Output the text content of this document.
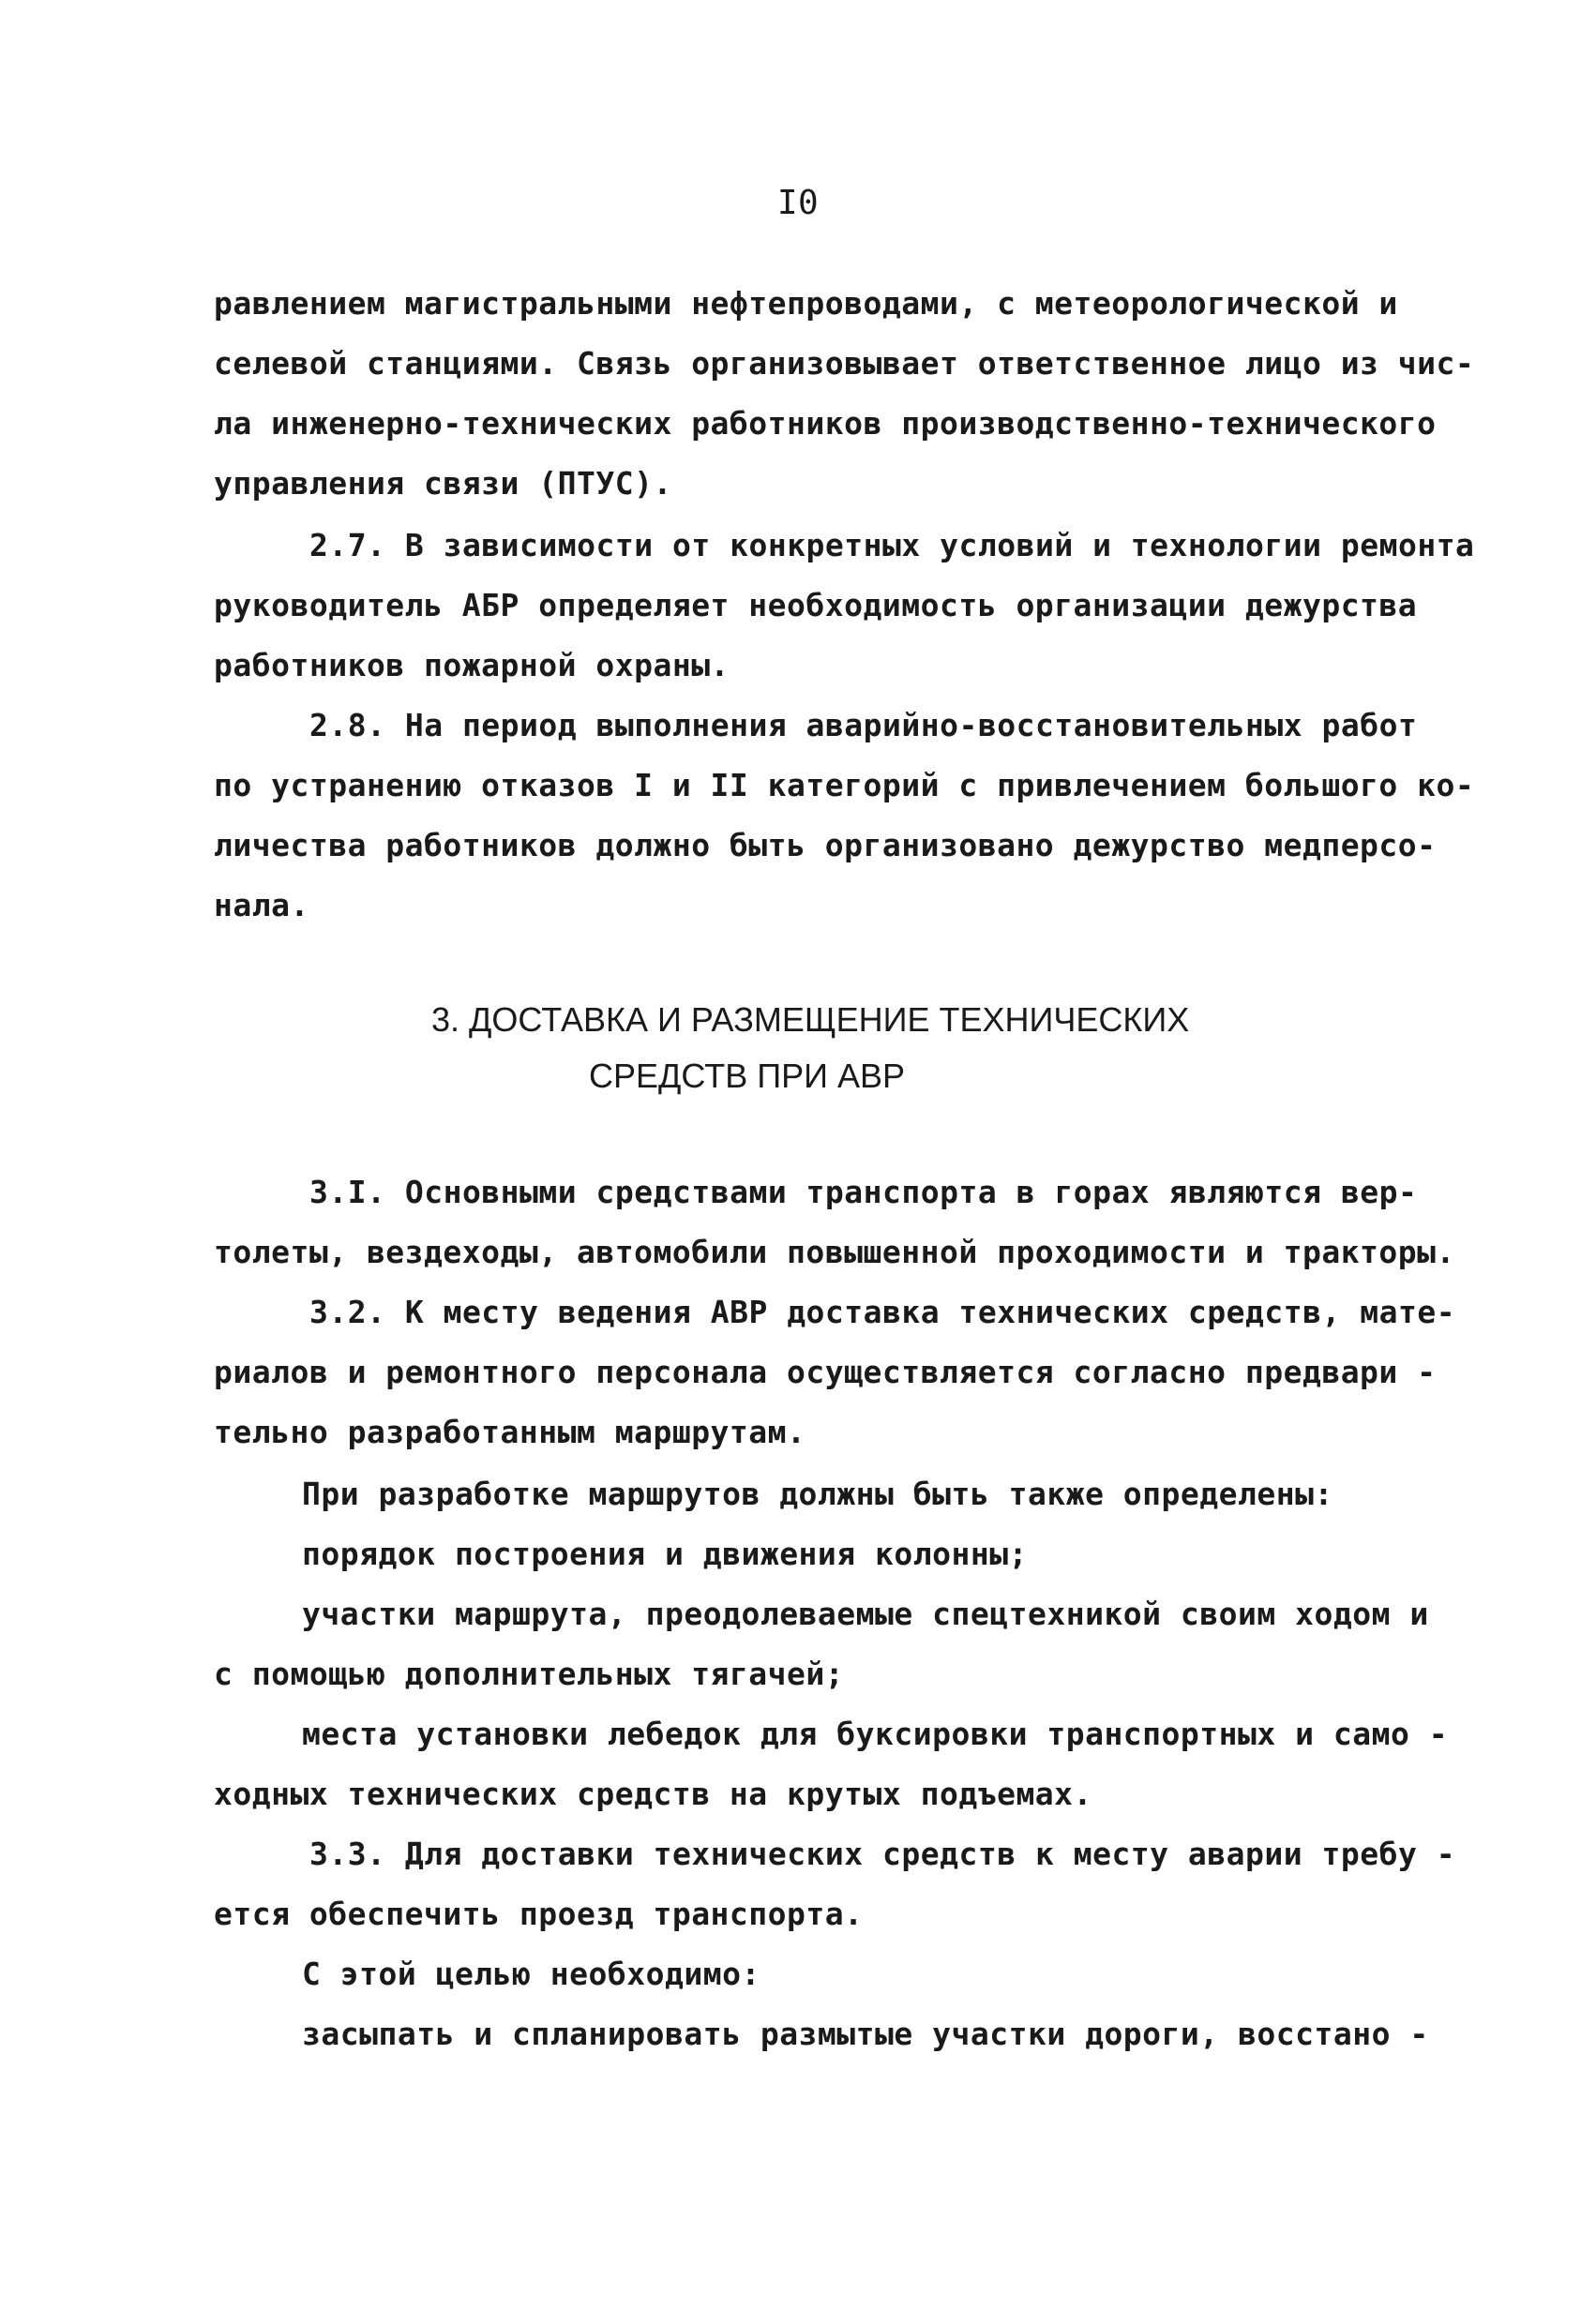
I0
равлением магистральными нефтепроводами, с метеорологической и
селевой станциями. Связь организовывает ответственное лицо из чис-
ла инженерно-технических работников производственно-технического
управления связи (ПТУС).
2.7. В зависимости от конкретных условий и технологии ремонта
руководитель АБР определяет необходимость организации дежурства
работников пожарной охраны.
2.8. На период выполнения аварийно-восстановительных работ
по устранению отказов I и II категорий с привлечением большого ко-
личества работников должно быть организовано дежурство медперсо-
нала.
3. ДОСТАВКА И РАЗМЕЩЕНИЕ ТЕХНИЧЕСКИХ
СРЕДСТВ ПРИ АВР
3.I. Основными средствами транспорта в горах являются вер-
толеты, вездеходы, автомобили повышенной проходимости и тракторы.
3.2. К месту ведения АВР доставка технических средств, мате-
риалов и ремонтного персонала осуществляется согласно предвари -
тельно разработанным маршрутам.
При разработке маршрутов должны быть также определены:
порядок построения и движения колонны;
участки маршрута, преодолеваемые спецтехникой своим ходом и
с помощью дополнительных тягачей;
места установки лебедок для буксировки транспортных и само -
ходных технических средств на крутых подъемах.
3.3. Для доставки технических средств к месту аварии требу -
ется обеспечить проезд транспорта.
С этой целью необходимо:
засыпать и спланировать размытые участки дороги, восстано -
